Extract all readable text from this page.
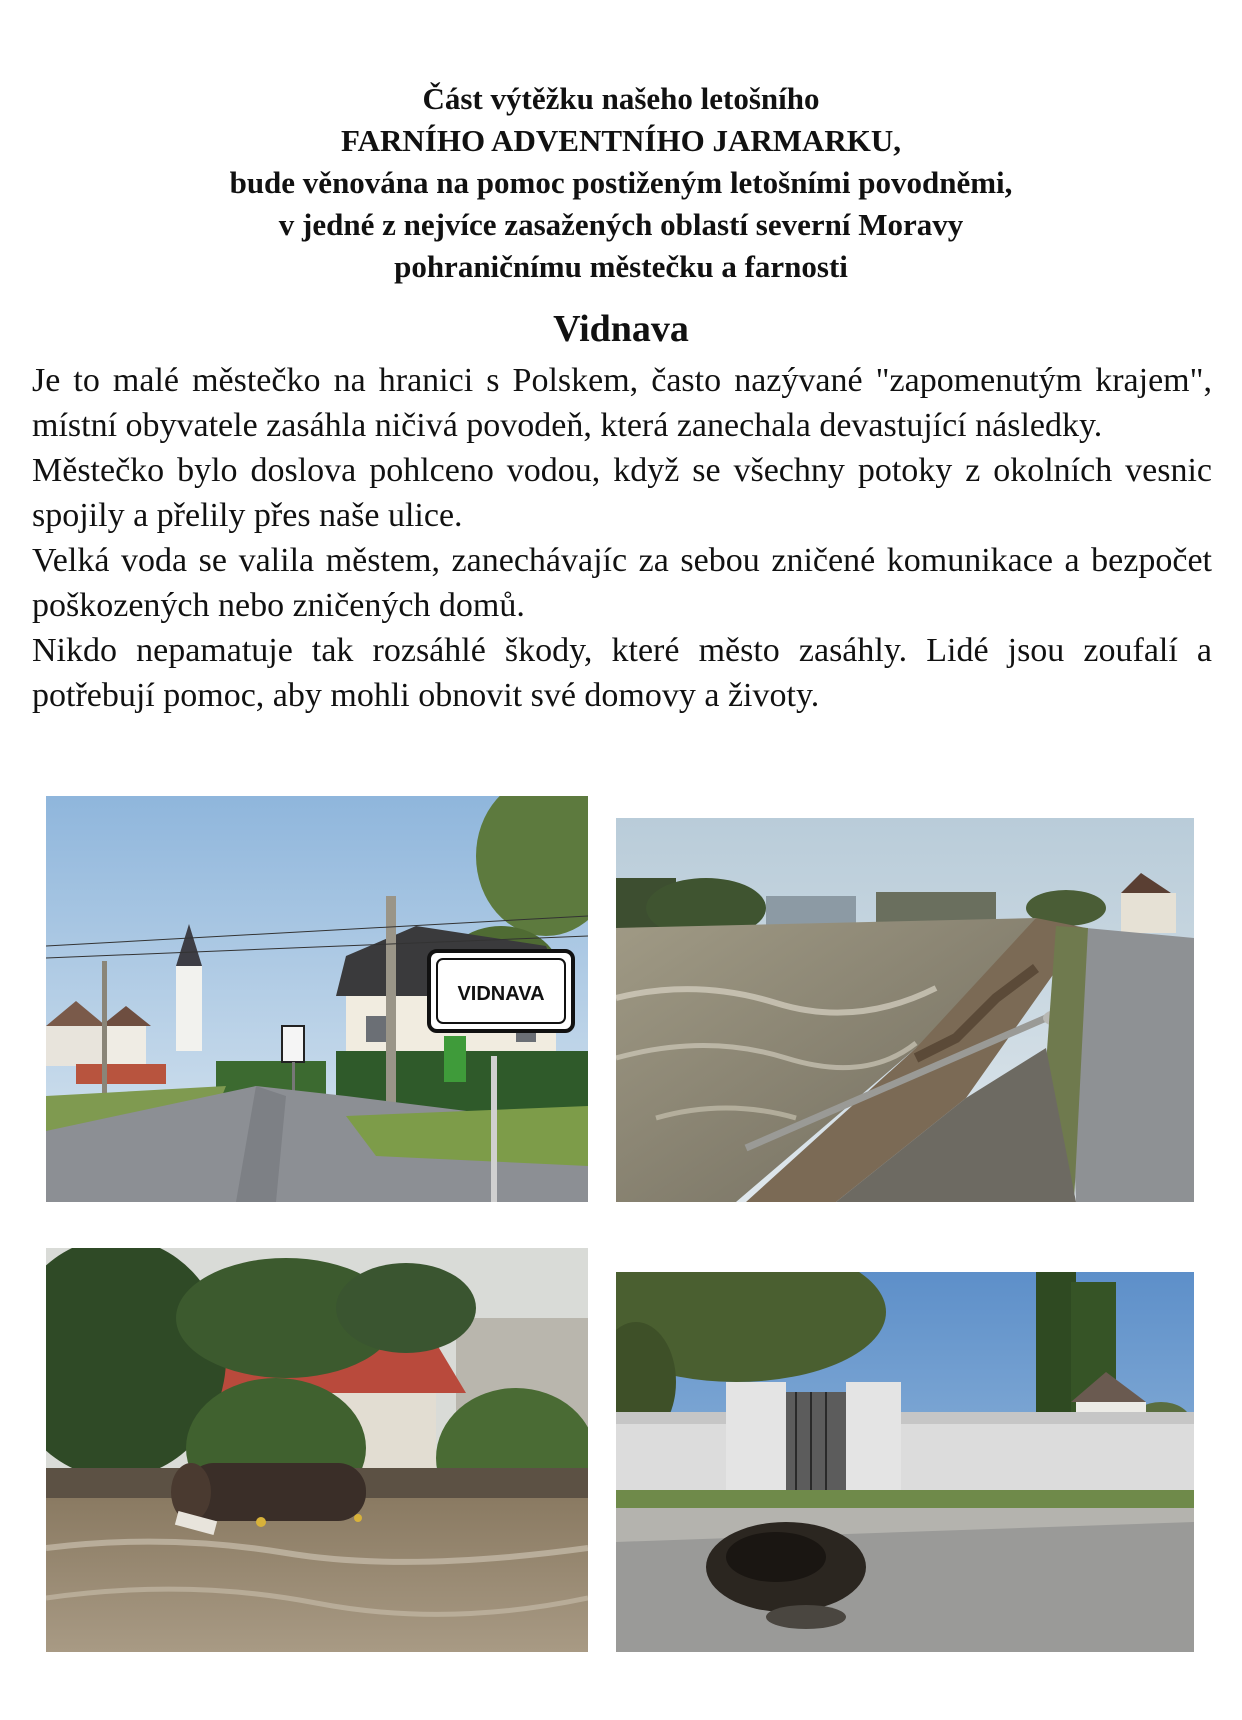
Část výtěžku našeho letošního
FARNÍHO ADVENTNÍHO JARMARKU,
bude věnována na pomoc postiženým letošními povodněmi,
v jedné z nejvíce zasažených oblastí severní Moravy
pohraničnímu městečku a farnosti
Vidnava

Je to malé městečko na hranici s Polskem, často nazývané "zapomenutým krajem", místní obyvatele zasáhla ničivá povodeň, která zanechala devastující následky.

Městečko bylo doslova pohlceno vodou, když se všechny potoky z okolních vesnic spojily a přelily přes naše ulice.

Velká voda se valila městem, zanechávajíc za sebou zničené komunikace a bezpočet poškozených nebo zničených domů.

Nikdo nepamatuje tak rozsáhlé škody, které město zasáhly. Lidé jsou zoufalí a potřebují pomoc, aby mohli obnovit své domovy a životy.

VIDNAVA
